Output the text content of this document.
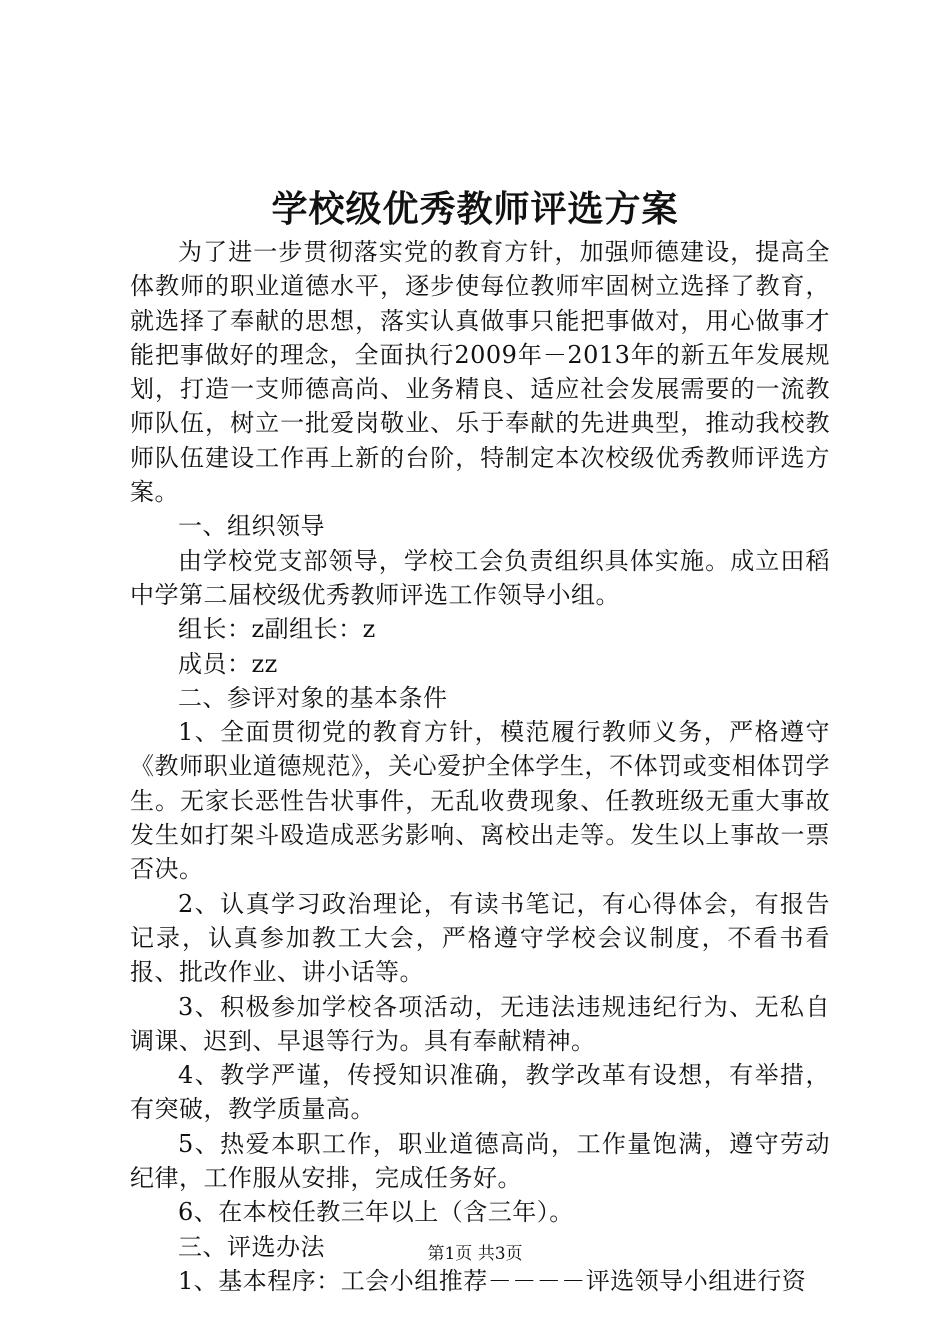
学校级优秀教师评选方案

为了进一步贯彻落实党的教育方针，加强师德建设，提高全体教师的职业道德水平，逐步使每位教师牢固树立选择了教育，就选择了奉献的思想，落实认真做事只能把事做对，用心做事才能把事做好的理念，全面执行2009年－2013年的新五年发展规划，打造一支师德高尚、业务精良、适应社会发展需要的一流教师队伍，树立一批爱岗敬业、乐于奉献的先进典型，推动我校教师队伍建设工作再上新的台阶，特制定本次校级优秀教师评选方案。

一、组织领导

由学校党支部领导，学校工会负责组织具体实施。成立田稻中学第二届校级优秀教师评选工作领导小组。

组长：z副组长：z

成员：zz

二、参评对象的基本条件

1、全面贯彻党的教育方针，模范履行教师义务，严格遵守《教师职业道德规范》，关心爱护全体学生，不体罚或变相体罚学生。无家长恶性告状事件，无乱收费现象、任教班级无重大事故发生如打架斗殴造成恶劣影响、离校出走等。发生以上事故一票否决。

2、认真学习政治理论，有读书笔记，有心得体会，有报告记录，认真参加教工大会，严格遵守学校会议制度，不看书看报、批改作业、讲小话等。

3、积极参加学校各项活动，无违法违规违纪行为、无私自调课、迟到、早退等行为。具有奉献精神。

4、教学严谨，传授知识准确，教学改革有设想，有举措，有突破，教学质量高。

5、热爱本职工作，职业道德高尚，工作量饱满，遵守劳动纪律，工作服从安排，完成任务好。

6、在本校任教三年以上（含三年）。

三、评选办法

1、基本程序：工会小组推荐－－－－评选领导小组进行资

第1页 共3页
